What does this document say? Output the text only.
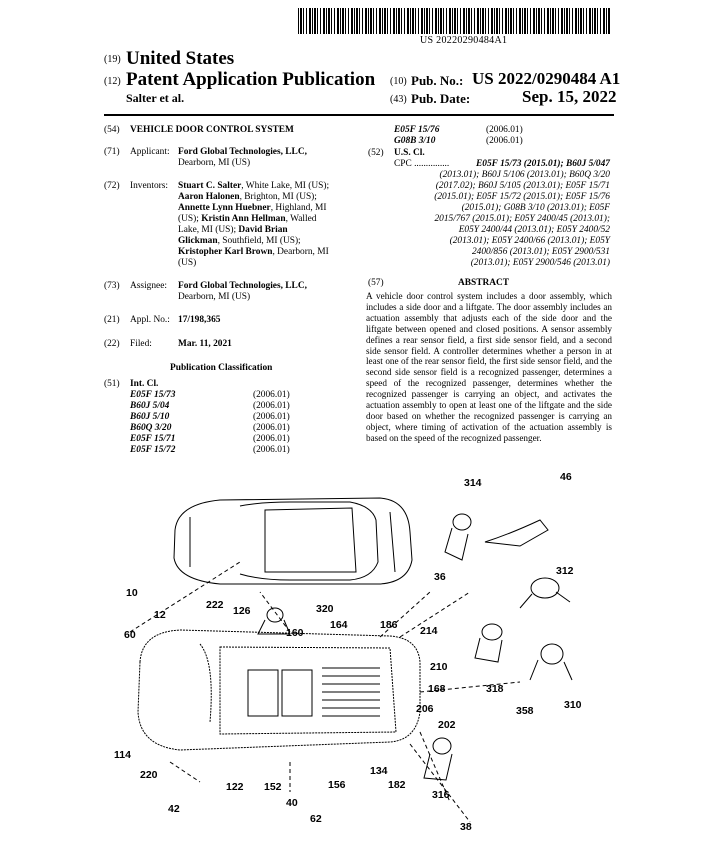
US 20220290484A1
(19) United States
(12) Patent Application Publication
Salter et al.
(10) Pub. No.: US 2022/0290484 A1
(43) Pub. Date:	Sep. 15, 2022
(54) VEHICLE DOOR CONTROL SYSTEM
(71) Applicant: Ford Global Technologies, LLC,
Dearborn, MI (US)
(72) Inventors: Stuart C. Salter, White Lake, MI (US);
Aaron Halonen, Brighton, MI (US);
Annette Lynn Huebner, Highland, MI
(US); Kristin Ann Hellman, Walled
Lake, MI (US); David Brian
Glickman, Southfield, MI (US);
Kristopher Karl Brown, Dearborn, MI
(US)
(73) Assignee: Ford Global Technologies, LLC,
Dearborn, MI (US)
(21) Appl. No.: 17/198,365
(22) Filed:	Mar. 11, 2021
Publication Classification
(51) Int. Cl.
E05F 15/73	(2006.01)
B60J 5/04	(2006.01)
B60J 5/10	(2006.01)
B60Q 3/20	(2006.01)
E05F 15/71	(2006.01)
E05F 15/72	(2006.01)
E05F 15/76	(2006.01)
G08B 3/10	(2006.01)
(52) U.S. Cl.
CPC ...............	E05F 15/73 (2015.01); B60J 5/047
(2013.01); B60J 5/106 (2013.01); B60Q 3/20
(2017.02); B60J 5/105 (2013.01); E05F 15/71
(2015.01); E05F 15/72 (2015.01); E05F 15/76
(2015.01); G08B 3/10 (2013.01); E05F
2015/767 (2015.01); E05Y 2400/45 (2013.01);
E05Y 2400/44 (2013.01); E05Y 2400/52
(2013.01); E05Y 2400/66 (2013.01); E05Y
2400/856 (2013.01); E05Y 2900/531
(2013.01); E05Y 2900/546 (2013.01)
(57)	ABSTRACT
A vehicle door control system includes a door assembly, which includes a side door and a liftgate. The door assembly includes an actuation assembly that adjusts each of the side door and the liftgate between opened and closed positions. A sensor assembly defines a rear sensor field, a first side sensor field, and a second side sensor field. A controller determines whether a person in at least one of the rear sensor field, the first side sensor field, and the second side sensor field is a recognized passenger, determines a speed of the recognized passenger, determines whether the recognized passenger is carrying an object, and activates the actuation assembly to open at least one of the liftgate and the side door based on whether the recognized passenger is carrying an object, where timing of activation of the actuation assembly is based on the speed of the recognized passenger.
314	46
312
36
10
12
222 126	320
60	160
164	186 214
210
168	318
358	310
206
202
114
134
220
122 152	156	182
316
42	40
62
38
